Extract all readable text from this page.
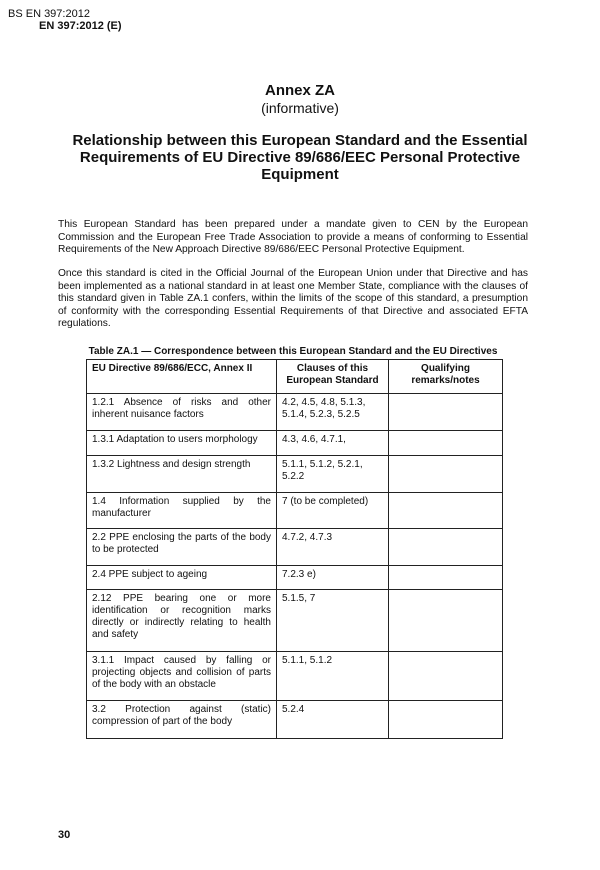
BS EN 397:2012
EN 397:2012 (E)
Annex ZA
(informative)
Relationship between this European Standard and the Essential Requirements of EU Directive 89/686/EEC Personal Protective Equipment
This European Standard has been prepared under a mandate given to CEN by the European Commission and the European Free Trade Association to provide a means of conforming to Essential Requirements of the New Approach Directive 89/686/EEC Personal Protective Equipment.
Once this standard is cited in the Official Journal of the European Union under that Directive and has been implemented as a national standard in at least one Member State, compliance with the clauses of this standard given in Table ZA.1 confers, within the limits of the scope of this standard, a presumption of conformity with the corresponding Essential Requirements of that Directive and associated EFTA regulations.
Table ZA.1 — Correspondence between this European Standard and the EU Directives
EU Directive 89/686/ECC, Annex II	Clauses of this European Standard	Qualifying remarks/notes
1.2.1 Absence of risks and other inherent nuisance factors	4.2, 4.5, 4.8, 5.1.3, 5.1.4, 5.2.3, 5.2.5	
1.3.1 Adaptation to users morphology	4.3, 4.6, 4.7.1,	
1.3.2 Lightness and design strength	5.1.1, 5.1.2, 5.2.1, 5.2.2	
1.4 Information supplied by the manufacturer	7 (to be completed)	
2.2 PPE enclosing the parts of the body to be protected	4.7.2, 4.7.3	
2.4 PPE subject to ageing	7.2.3 e)	
2.12 PPE bearing one or more identification or recognition marks directly or indirectly relating to health and safety	5.1.5, 7	
3.1.1 Impact caused by falling or projecting objects and collision of parts of the body with an obstacle	5.1.1, 5.1.2	
3.2 Protection against (static) compression of part of the body	5.2.4	
30
